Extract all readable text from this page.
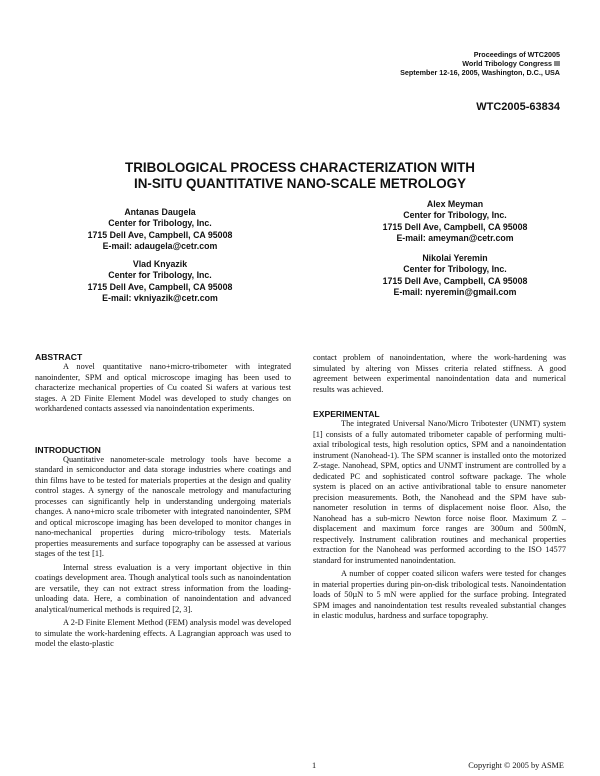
Proceedings of WTC2005
World Tribology Congress III
September 12-16, 2005, Washington, D.C., USA
WTC2005-63834
TRIBOLOGICAL PROCESS CHARACTERIZATION WITH
IN-SITU QUANTITATIVE NANO-SCALE METROLOGY
Antanas Daugela
Center for Tribology, Inc.
1715 Dell Ave, Campbell, CA 95008
E-mail: adaugela@cetr.com
Alex Meyman
Center for Tribology, Inc.
1715 Dell Ave, Campbell, CA 95008
E-mail: ameyman@cetr.com
Vlad Knyazik
Center for Tribology, Inc.
1715 Dell Ave, Campbell, CA 95008
E-mail: vkniyazik@cetr.com
Nikolai Yeremin
Center for Tribology, Inc.
1715 Dell Ave, Campbell, CA 95008
E-mail: nyeremin@gmail.com
ABSTRACT

A novel quantitative nano+micro-tribometer with integrated nanoindenter, SPM and optical microscope imaging has been used to characterize mechanical properties of Cu coated Si wafers at various test stages. A 2D Finite Element Model was developed to study changes on workhardened contacts assessed via nanoindentation experiments.

INTRODUCTION

Quantitative nanometer-scale metrology tools have become a standard in semiconductor and data storage industries where coatings and thin films have to be tested for materials properties at the design and quality control stages. A synergy of the nanoscale metrology and manufacturing processes can significantly help in understanding undergoing materials changes. A nano+micro scale tribometer with integrated nanoindenter, SPM and optical microscope imaging has been developed to monitor changes in nano-mechanical properties during micro-tribology tests. Materials properties measurements and surface topography can be assessed at various stages of the test [1].

Internal stress evaluation is a very important objective in thin coatings development area. Though analytical tools such as nanoindentation are versatile, they can not extract stress information from the loading-unloading data. Here, a combination of nanoindentation and advanced analytical/numerical methods is required [2, 3].

A 2-D Finite Element Method (FEM) analysis model was developed to simulate the work-hardening effects. A Lagrangian approach was used to model the elasto-plastic

contact problem of nanoindentation, where the work-hardening was simulated by altering von Misses criteria related stiffness. A good agreement between experimental nanoindentation data and numerical results was achieved.

EXPERIMENTAL

The integrated Universal Nano/Micro Tribotester (UNMT) system [1] consists of a fully automated tribometer capable of performing multi-axial tribological tests, high resolution optics, SPM and a nanoindentation instrument (Nanohead-1). The SPM scanner is installed onto the motorized Z-stage. Nanohead, SPM, optics and UNMT instrument are controlled by a dedicated PC and sophisticated control software package. The whole system is placed on an active antivibrational table to ensure nanometer precision measurements. Both, the Nanohead and the SPM have sub-nanometer resolution in terms of displacement noise floor. Also, the Nanohead has a sub-micro Newton force noise floor. Maximum Z – displacement and maximum force ranges are 300um and 500mN, respectively. Instrument calibration routines and mechanical properties extraction for the Nanohead was performed according to the ISO 14577 standard for instrumented nanoindentation.

A number of copper coated silicon wafers were tested for changes in material properties during pin-on-disk tribological tests. Nanoindentation loads of 50µN to 5 mN were applied for the surface probing. Integrated SPM images and nanoindentation test results revealed substantial changes in elastic modulus, hardness and surface topography.

1	Copyright © 2005 by ASME
